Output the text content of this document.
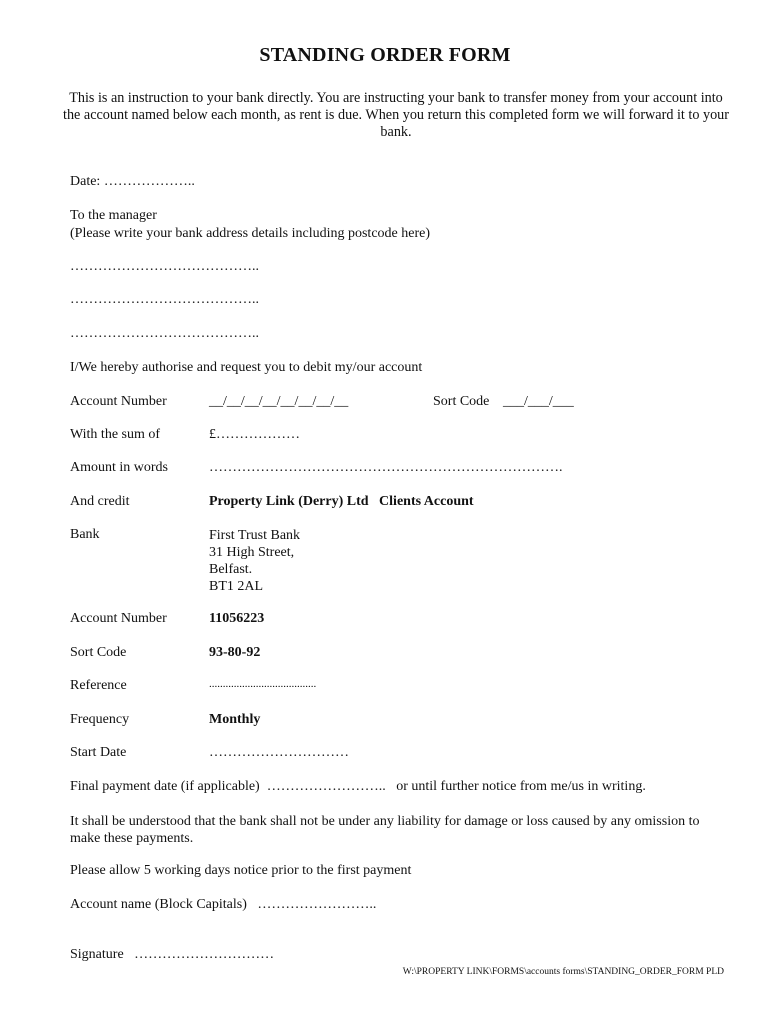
STANDING ORDER FORM
This is an instruction to your bank directly. You are instructing your bank to transfer money from your account into the account named below each month, as rent is due. When you return this completed form we will forward it to your bank.
Date: ………………..
To the manager
(Please write your bank address details including postcode here)
…………………………………..
…………………………………..
…………………………………..
I/We hereby authorise and request you to debit my/our account
Account Number	__/__/__/__/__/__/__/__	Sort Code ___/___/___
With the sum of	£………………
Amount in words	………………………………………………………………….
And credit	Property Link (Derry) Ltd   Clients Account
Bank	First Trust Bank
31 High Street,
Belfast.
BT1 2AL
Account Number	11056223
Sort Code	93-80-92
Reference	.......................................
Frequency	Monthly
Start Date	…………………………
Final payment date (if applicable)  ……………………..   or until further notice from me/us in writing.
It shall be understood that the bank shall not be under any liability for damage or loss caused by any omission to make these payments.
Please allow 5 working days notice prior to the first payment
Account name (Block Capitals)   ……………………..
Signature   …………………………
W:\PROPERTY LINK\FORMS\accounts forms\STANDING_ORDER_FORM PLD
